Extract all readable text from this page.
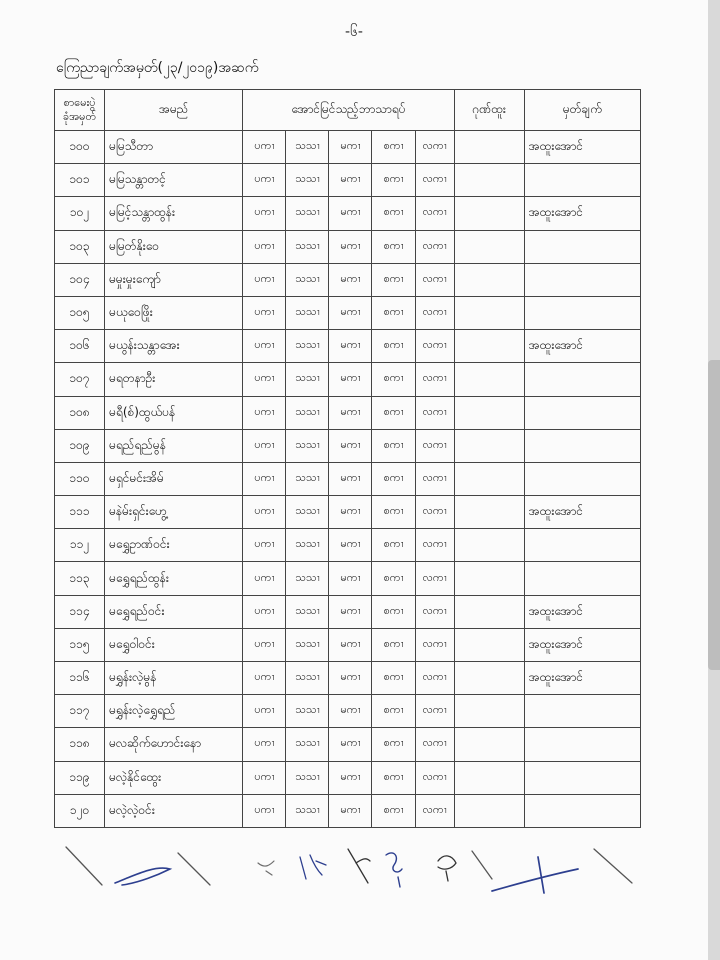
-၆-
ကြေညာချက်အမှတ်(၂၃/၂၀၁၉)အဆက်
စာမေးပွဲ ခုံအမှတ်	အမည်	အောင်မြင်သည့်ဘာသာရပ်					ဂုဏ်ထူး	မှတ်ချက်
၁၀၀	မမြသီတာ	ပကၢ	သသၢ	မကၢ	စကၢ	လကၢ		အထူးအောင်
၁၀၁	မမြသန္တာတင့်	ပကၢ	သသၢ	မကၢ	စကၢ	လကၢ		
၁၀၂	မမြင့်သန္တာထွန်း	ပကၢ	သသၢ	မကၢ	စကၢ	လကၢ		အထူးအောင်
၁၀၃	မမြတ်နိုးဝေ	ပကၢ	သသၢ	မကၢ	စကၢ	လကၢ		
၁၀၄	မမှုးမှုးကျော်	ပကၢ	သသၢ	မကၢ	စကၢ	လကၢ		
၁၀၅	မယုဝေဖြိုး	ပကၢ	သသၢ	မကၢ	စကၢ	လကၢ		
၁၀၆	မယွန်းသန္တာအေး	ပကၢ	သသၢ	မကၢ	စကၢ	လကၢ		အထူးအောင်
၁၀၇	မရတနာဦး	ပကၢ	သသၢ	မကၢ	စကၢ	လကၢ		
၁၀၈	မရီ(စ်)ထွယ်ပန်	ပကၢ	သသၢ	မကၢ	စကၢ	လကၢ		
၁၀၉	မရည်ရည်မွန်	ပကၢ	သသၢ	မကၢ	စကၢ	လကၢ		
၁၁၀	မရှင်မင်းအိမ်	ပကၢ	သသၢ	မကၢ	စကၢ	လကၢ		
၁၁၁	မနဲမ်းရှင်းဟွေ့	ပကၢ	သသၢ	မကၢ	စကၢ	လကၢ		အထူးအောင်
၁၁၂	မရွှေဥာဏ်ဝင်း	ပကၢ	သသၢ	မကၢ	စကၢ	လကၢ		
၁၁၃	မရွှေရည်ထွန်း	ပကၢ	သသၢ	မကၢ	စကၢ	လကၢ		
၁၁၄	မရွှေရည်ဝင်း	ပကၢ	သသၢ	မကၢ	စကၢ	လကၢ		အထူးအောင်
၁၁၅	မရွှေဝါဝင်း	ပကၢ	သသၢ	မကၢ	စကၢ	လကၢ		အထူးအောင်
၁၁၆	မရွှန်းလဲ့မွန်	ပကၢ	သသၢ	မကၢ	စကၢ	လကၢ		အထူးအောင်
၁၁၇	မရွှန်းလဲ့ရွှေရည်	ပကၢ	သသၢ	မကၢ	စကၢ	လကၢ		
၁၁၈	မလဆိုက်ဟောင်းနော	ပကၢ	သသၢ	မကၢ	စကၢ	လကၢ		
၁၁၉	မလဲ့နိုင်ထွေး	ပကၢ	သသၢ	မကၢ	စကၢ	လကၢ		
၁၂၀	မလဲ့လဲ့ဝင်း	ပကၢ	သသၢ	မကၢ	စကၢ	လကၢ		
